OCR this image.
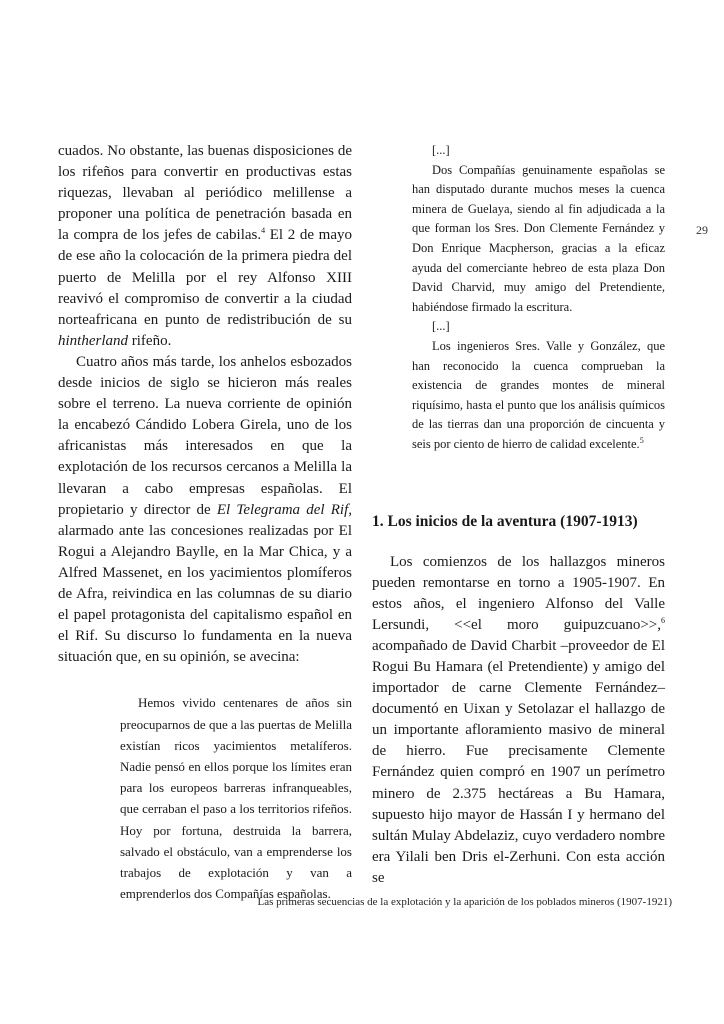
29

cuados. No obstante, las buenas disposiciones de los rifeños para convertir en productivas estas riquezas, llevaban al periódico melillense a proponer una política de penetración basada en la compra de los jefes de cabilas.$^4$ El 2 de mayo de ese año la colocación de la primera piedra del puerto de Melilla por el rey Alfonso XIII reavivó el compromiso de convertir a la ciudad norteafricana en punto de redistribución de su hintherland rifeño.

Cuatro años más tarde, los anhelos esbozados desde inicios de siglo se hicieron más reales sobre el terreno. La nueva corriente de opinión la encabezó Cándido Lobera Girela, uno de los africanistas más interesados en que la explotación de los recursos cercanos a Melilla la llevaran a cabo empresas españolas. El propietario y director de El Telegrama del Rif, alarmado ante las concesiones realizadas por El Rogui a Alejandro Baylle, en la Mar Chica, y a Alfred Massenet, en los yacimientos plomíferos de Afra, reivindica en las columnas de su diario el papel protagonista del capitalismo español en el Rif. Su discurso lo fundamenta en la nueva situación que, en su opinión, se avecina:

Hemos vivido centenares de años sin preocuparnos de que a las puertas de Melilla existían ricos yacimientos metalíferos. Nadie pensó en ellos porque los límites eran para los europeos barreras infranqueables, que cerraban el paso a los territorios rifeños. Hoy por fortuna, destruida la barrera, salvado el obstáculo, van a emprenderse los trabajos de explotación y van a emprenderlos dos Compañías españolas.

[...]

Dos Compañías genuinamente españolas se han disputado durante muchos meses la cuenca minera de Guelaya, siendo al fin adjudicada a la que forman los Sres. Don Clemente Fernández y Don Enrique Macpherson, gracias a la eficaz ayuda del comerciante hebreo de esta plaza Don David Charvid, muy amigo del Pretendiente, habiéndose firmado la escritura.

[...]

Los ingenieros Sres. Valle y González, que han reconocido la cuenca comprueban la existencia de grandes montes de mineral riquísimo, hasta el punto que los análisis químicos de las tierras dan una proporción de cincuenta y seis por ciento de hierro de calidad excelente.$^5$

1. Los inicios de la aventura (1907-1913)

Los comienzos de los hallazgos mineros pueden remontarse en torno a 1905-1907. En estos años, el ingeniero Alfonso del Valle Lersundi, <<el moro guipuzcuano>>,$^6$ acompañado de David Charbit –proveedor de El Rogui Bu Hamara (el Pretendiente) y amigo del importador de carne Clemente Fernández– documentó en Uixan y Setolazar el hallazgo de un importante afloramiento masivo de mineral de hierro. Fue precisamente Clemente Fernández quien compró en 1907 un perímetro minero de 2.375 hectáreas a Bu Hamara, supuesto hijo mayor de Hassán I y hermano del sultán Mulay Abdelaziz, cuyo verdadero nombre era Yilali ben Dris el-Zerhuni. Con esta acción se

Las primeras secuencias de la explotación y la aparición de los poblados mineros (1907-1921)
